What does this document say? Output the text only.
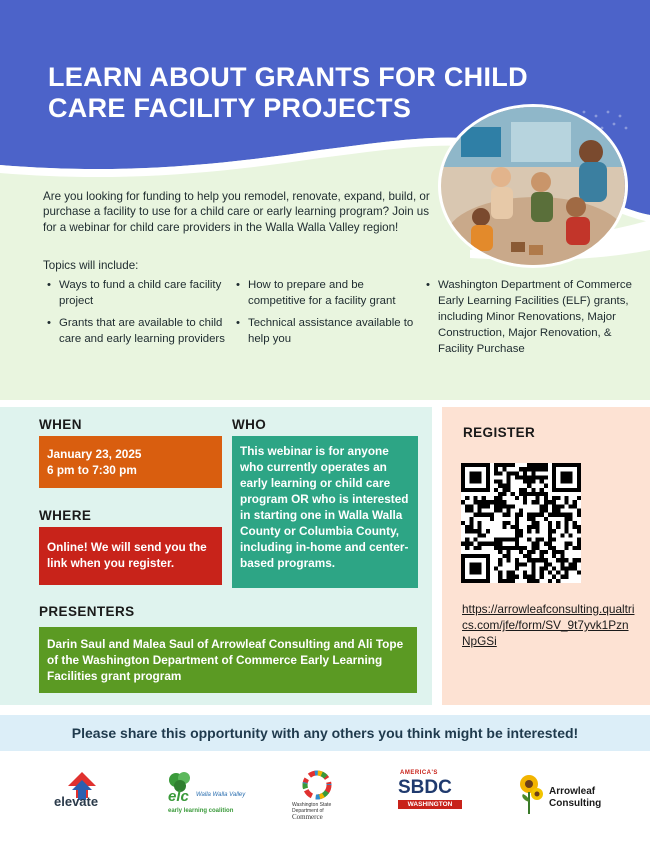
LEARN ABOUT GRANTS FOR CHILD CARE FACILITY PROJECTS

Are you looking for funding to help you remodel, renovate, expand, build, or purchase a facility to use for a child care or early learning program? Join us for a webinar for child care providers in the Walla Walla Valley region!

Topics will include:

• Ways to fund a child care facility project
• Grants that are available to child care and early learning providers
• How to prepare and be competitive for a facility grant
• Technical assistance available to help you
• Washington Department of Commerce Early Learning Facilities (ELF) grants, including Minor Renovations, Major Construction, Major Renovation, & Facility Purchase
WHEN
January 23, 2025
6 pm to 7:30 pm
WHERE
Online! We will send you the link when you register.
WHO
This webinar is for anyone who currently operates an early learning or child care program OR who is interested in starting one in Walla Walla County or Columbia County, including in-home and center-based programs.
PRESENTERS
Darin Saul and Malea Saul of Arrowleaf Consulting and Ali Tope of the Washington Department of Commerce Early Learning Facilities grant program
REGISTER
https://arrowleafconsulting.qualtrics.com/jfe/form/SV_9t7yvk1PznNpGSi
Please share this opportunity with any others you think might be interested!
elevate	elc Walla Walla Valley
early learning coalition
Washington State
Department of
Commerce
AMERICA'S
SBDC
WASHINGTON
Arrowleaf
Consulting
